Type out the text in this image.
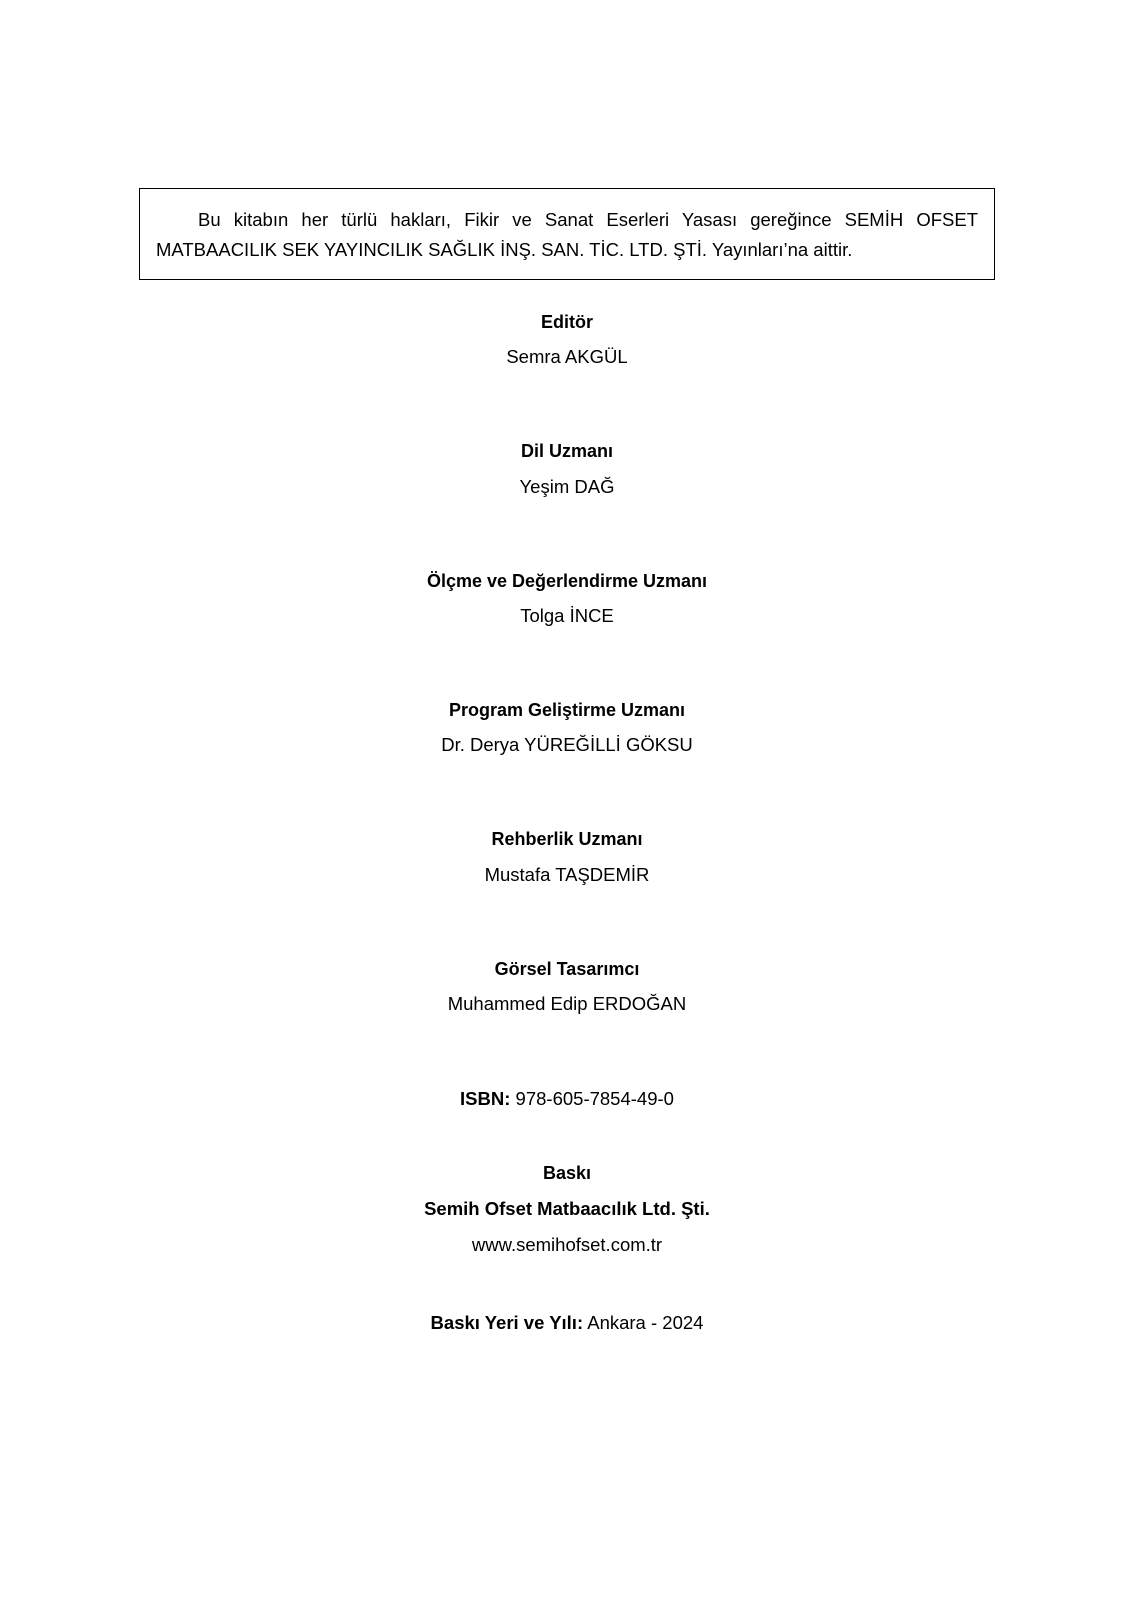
Bu kitabın her türlü hakları, Fikir ve Sanat Eserleri Yasası gereğince SEMİH OFSET MATBAACILIK SEK YAYINCILIK SAĞLIK İNŞ. SAN. TİC. LTD. ŞTİ. Yayınları’na aittir.
Editör
Semra AKGÜL
Dil Uzmanı
Yeşim DAĞ
Ölçme ve Değerlendirme Uzmanı
Tolga İNCE
Program Geliştirme Uzmanı
Dr. Derya YÜREĞİLLİ GÖKSU
Rehberlik Uzmanı
Mustafa TAŞDEMİR
Görsel Tasarımcı
Muhammed Edip ERDOĞAN
ISBN: 978-605-7854-49-0
Baskı
Semih Ofset Matbaacılık Ltd. Şti.
www.semihofset.com.tr
Baskı Yeri ve Yılı: Ankara - 2024
